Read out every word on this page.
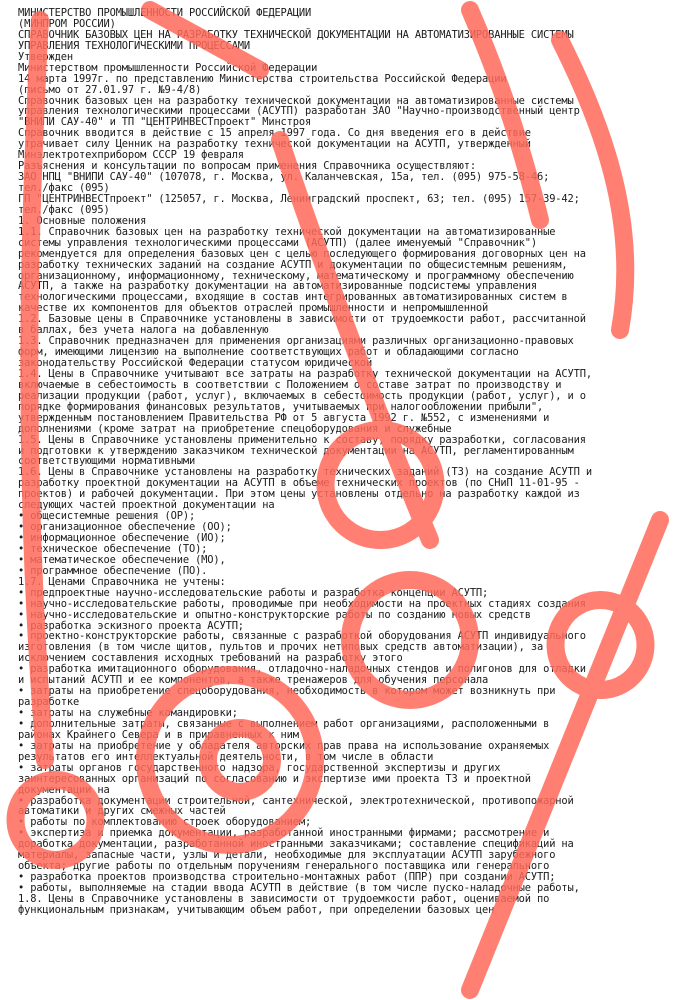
МИНИСТЕРСТВО ПРОМЫШЛЕННОСТИ РОССИЙСКОЙ ФЕДЕРАЦИИ
(МИНПРОМ РОССИИ)
СПРАВОЧНИК БАЗОВЫХ ЦЕН НА РАЗРАБОТКУ ТЕХНИЧЕСКОЙ ДОКУМЕНТАЦИИ НА АВТОМАТИЗИРОВАННЫЕ СИСТЕМЫ
УПРАВЛЕНИЯ ТЕХНОЛОГИЧЕСКИМИ ПРОЦЕССАМИ
Утвержден
Министерством промышленности Российской Федерации
14 марта 1997г. по представлению Министерства строительства Российской Федерации
(письмо от 27.01.97 г. №9-4/8)
Справочник базовых цен на разработку технической документации на автоматизированные системы
управления технологическими процессами (АСУТП) разработан ЗАО "Научно-производственный центр
"ВНИПИ САУ-40" и ТП "ЦЕНТРИНВЕСТпроект" Минстроя
Справочник вводится в действие с 15 апреля 1997 года. Со дня введения его в действие
утрачивает силу Ценник на разработку технической документации на АСУТП, утвержденный
Минэлектротехприбором СССР 19 февраля
Разъяснения и консультации по вопросам применения Справочника осуществляют:
ЗАО НПЦ "ВНИПИ САУ-40" (107078, г. Москва, ул. Каланчевская, 15а, тел. (095) 975-58-46;
тел./факс (095)
ГП "ЦЕНТРИНВЕСТпроект" (125057, г. Москва, Ленинградский проспект, 63; тел. (095) 157-39-42;
тел./факс (095)
1. Основные положения
1.1. Справочник базовых цен на разработку технической документации на автоматизированные
системы управления технологическими процессами (АСУТП) (далее именуемый "Справочник")
рекомендуется для определения базовых цен с целью последующего формирования договорных цен на
разработку технических заданий на создание АСУТП и документации по общесистемным решениям,
организационному, информационному, техническому, математическому и программному обеспечению
АСУТП, а также на разработку документации на автоматизированные подсистемы управления
технологическими процессами, входящие в состав интегрированных автоматизированных систем в
качестве их компонентов для объектов отраслей промышленности и непромышленной
1.2. Базовые цены в Справочнике установлены в зависимости от трудоемкости работ, рассчитанной
в баллах, без учета налога на добавленную
1.3. Справочник предназначен для применения организациями различных организационно-правовых
форм, имеющими лицензию на выполнение соответствующих работ и обладающими согласно
законодательству Российской Федерации статусом юридической
1.4. Цены в Справочнике учитывают все затраты на разработку технической документации на АСУТП,
включаемые в себестоимость в соответствии с Положением о составе затрат по производству и
реализации продукции (работ, услуг), включаемых в себестоимость продукции (работ, услуг), и о
порядке формирования финансовых результатов, учитываемых при налогообложении прибыли",
утвержденным постановлением Правительства РФ от 5 августа 1992 г. №552, с изменениями и
дополнениями (кроме затрат на приобретение спецоборудования и служебные
1.5. Цены в Справочнике установлены применительно к составу, порядку разработки, согласования
и подготовки к утверждению заказчиком технической документации на АСУТП, регламентированным
соответствующими нормативными
1.6. Цены в Справочнике установлены на разработку технических заданий (ТЗ) на создание АСУТП и
разработку проектной документации на АСУТП в объеме технических проектов (по СНиП 11-01-95 -
проектов) и рабочей документации. При этом цены установлены отдельно на разработку каждой из
следующих частей проектной документации на
• общесистемные решения (ОР);
• организационное обеспечение (ОО);
• информационное обеспечение (ИО);
• техническое обеспечение (ТО);
• математическое обеспечение (МО),
• программное обеспечение (ПО).
1.7. Ценами Справочника не учтены:
• предпроектные научно-исследовательские работы и разработка концепции АСУТП;
• научно-исследовательские работы, проводимые при необходимости на проектных стадиях создания
• научно-исследовательские и опытно-конструкторские работы по созданию новых средств
• разработка эскизного проекта АСУТП;
• проектно-конструкторские работы, связанные с разработкой оборудования АСУТП индивидуального
изготовления (в том числе щитов, пультов и прочих нетиповых средств автоматизации), за
исключением составления исходных требований на разработку этого
• разработка имитационного оборудования, отладочно-наладочных стендов и полигонов для отладки
и испытаний АСУТП и ее компонентов, а также тренажеров для обучения персонала
• затраты на приобретение спецоборудования, необходимость в котором может возникнуть при
разработке
• затраты на служебные командировки;
• дополнительные затраты, связанные с выполнением работ организациями, расположенными в
районах Крайнего Севера и в приравненных к ним
• затраты на приобретение у обладателя авторских прав права на использование охраняемых
результатов его интеллектуальной деятельности, в том числе в области
• затраты органов государственного надзора, государственной экспертизы и других
заинтересованных организаций по согласованию и экспертизе ими проекта ТЗ и проектной
документации на
• разработка документации строительной, сантехнической, электротехнической, противопожарной
автоматики и других смежных частей
• работы по комплектованию строек оборудованием;
• экспертиза и приемка документации, разработанной иностранными фирмами; рассмотрение и
доработка документации, разработанной иностранными заказчиками; составление спецификаций на
материалы, запасные части, узлы и детали, необходимые для эксплуатации АСУТП зарубежного
объекта; другие работы по отдельным поручениям генерального поставщика или генерального
• разработка проектов производства строительно-монтажных работ (ППР) при создании АСУТП;
• работы, выполняемые на стадии ввода АСУТП в действие (в том числе пуско-наладочные работы,
1.8. Цены в Справочнике установлены в зависимости от трудоемкости работ, оцениваемой по
функциональным признакам, учитывающим объем работ, при определении базовых цен
